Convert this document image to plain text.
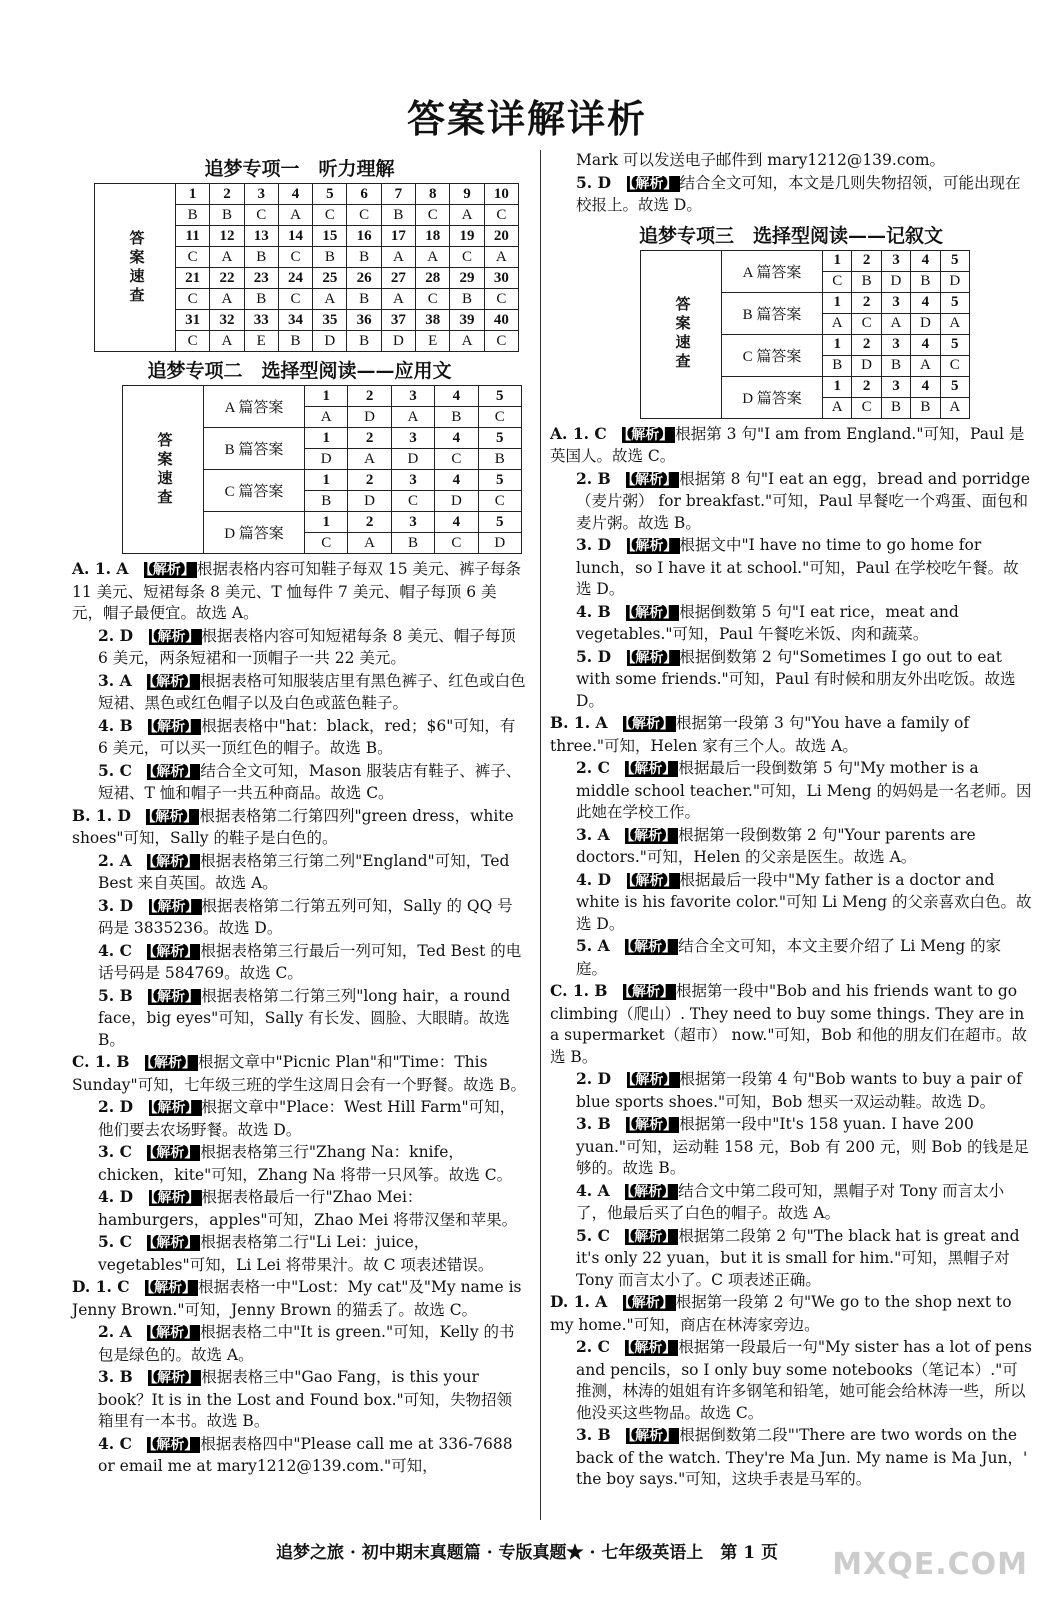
答案详解详析
追梦专项一　听力理解
答案速查	1	2	3	4	5	6	7	8	9	10
	B	B	C	A	C	C	B	C	A	C
	11	12	13	14	15	16	17	18	19	20
	C	A	B	C	B	B	A	A	C	A
	21	22	23	24	25	26	27	28	29	30
	C	A	B	C	A	B	A	C	B	C
	31	32	33	34	35	36	37	38	39	40
	C	A	E	B	D	B	D	E	A	C
追梦专项二　选择型阅读——应用文
答案速查	A 篇答案	1	2	3	4	5
		A	D	A	B	C
	B 篇答案	1	2	3	4	5
		D	A	D	C	B
	C 篇答案	1	2	3	4	5
		B	D	C	D	C
	D 篇答案	1	2	3	4	5
		C	A	B	C	D
A. 1. A　【解析】 根据表格内容可知鞋子每双 15 美元、裤子每条 11 美元、短裙每条 8 美元、T 恤每件 7 美元、帽子每顶 6 美元，帽子最便宜。故选 A。
2. D　【解析】 根据表格内容可知短裙每条 8 美元、帽子每顶 6 美元，两条短裙和一顶帽子一共 22 美元。
3. A　【解析】 根据表格可知服装店里有黑色裤子、红色或白色短裙、黑色或红色帽子以及白色或蓝色鞋子。
4. B　【解析】 根据表格中"hat：black，red；$6"可知，有 6 美元，可以买一顶红色的帽子。故选 B。
5. C　【解析】 结合全文可知，Mason 服装店有鞋子、裤子、短裙、T 恤和帽子一共五种商品。故选 C。
B. 1. D　【解析】 根据表格第二行第四列"green dress，white shoes"可知，Sally 的鞋子是白色的。
2. A　【解析】 根据表格第三行第二列"England"可知，Ted Best 来自英国。故选 A。
3. D　【解析】 根据表格第二行第五列可知，Sally 的 QQ 号码是 3835236。故选 D。
4. C　【解析】 根据表格第三行最后一列可知，Ted Best 的电话号码是 584769。故选 C。
5. B　【解析】 根据表格第二行第三列"long hair，a round face，big eyes"可知，Sally 有长发、圆脸、大眼睛。故选 B。
C. 1. B　【解析】 根据文章中"Picnic Plan"和"Time：This Sunday"可知，七年级三班的学生这周日会有一个野餐。故选 B。
2. D　【解析】 根据文章中"Place：West Hill Farm"可知，他们要去农场野餐。故选 D。
3. C　【解析】 根据表格第三行"Zhang Na：knife，chicken，kite"可知，Zhang Na 将带一只风筝。故选 C。
4. D　【解析】 根据表格最后一行"Zhao Mei：hamburgers，apples"可知，Zhao Mei 将带汉堡和苹果。
5. C　【解析】 根据表格第二行"Li Lei：juice，vegetables"可知，Li Lei 将带果汁。故 C 项表述错误。
D. 1. C　【解析】 根据表格一中"Lost：My cat"及"My name is Jenny Brown."可知，Jenny Brown 的猫丢了。故选 C。
2. A　【解析】 根据表格二中"It is green."可知，Kelly 的书包是绿色的。故选 A。
3. B　【解析】 根据表格三中"Gao Fang，is this your book？It is in the Lost and Found box."可知，失物招领箱里有一本书。故选 B。
4. C　【解析】 根据表格四中"Please call me at 336-7688 or email me at mary1212@139.com."可知，
Mark 可以发送电子邮件到 mary1212@139.com。
5. D　【解析】 结合全文可知，本文是几则失物招领，可能出现在校报上。故选 D。
追梦专项三　选择型阅读——记叙文
答案速查	A 篇答案	1	2	3	4	5
		C	B	D	B	D
	B 篇答案	1	2	3	4	5
		A	C	A	D	A
	C 篇答案	1	2	3	4	5
		B	D	B	A	C
	D 篇答案	1	2	3	4	5
		A	C	B	B	A
A. 1. C　【解析】 根据第 3 句"I am from England."可知，Paul 是英国人。故选 C。
2. B　【解析】 根据第 8 句"I eat an egg，bread and porridge（麦片粥） for breakfast."可知，Paul 早餐吃一个鸡蛋、面包和麦片粥。故选 B。
3. D　【解析】 根据文中"I have no time to go home for lunch，so I have it at school."可知，Paul 在学校吃午餐。故选 D。
4. B　【解析】 根据倒数第 5 句"I eat rice，meat and vegetables."可知，Paul 午餐吃米饭、肉和蔬菜。
5. D　【解析】 根据倒数第 2 句"Sometimes I go out to eat with some friends."可知，Paul 有时候和朋友外出吃饭。故选 D。
B. 1. A　【解析】 根据第一段第 3 句"You have a family of three."可知，Helen 家有三个人。故选 A。
2. C　【解析】 根据最后一段倒数第 5 句"My mother is a middle school teacher."可知，Li Meng 的妈妈是一名老师。因此她在学校工作。
3. A　【解析】 根据第一段倒数第 2 句"Your parents are doctors."可知，Helen 的父亲是医生。故选 A。
4. D　【解析】 根据最后一段中"My father is a doctor and white is his favorite color."可知 Li Meng 的父亲喜欢白色。故选 D。
5. A　【解析】 结合全文可知，本文主要介绍了 Li Meng 的家庭。
C. 1. B　【解析】 根据第一段中"Bob and his friends want to go climbing（爬山）. They need to buy some things. They are in a supermarket（超市） now."可知，Bob 和他的朋友们在超市。故选 B。
2. D　【解析】 根据第一段第 4 句"Bob wants to buy a pair of blue sports shoes."可知，Bob 想买一双运动鞋。故选 D。
3. B　【解析】 根据第一段中"It's 158 yuan. I have 200 yuan."可知，运动鞋 158 元，Bob 有 200 元，则 Bob 的钱是足够的。故选 B。
4. A　【解析】 结合文中第二段可知，黑帽子对 Tony 而言太小了，他最后买了白色的帽子。故选 A。
5. C　【解析】 根据第二段第 2 句"The black hat is great and it's only 22 yuan，but it is small for him."可知，黑帽子对 Tony 而言太小了。C 项表述正确。
D. 1. A　【解析】 根据第一段第 2 句"We go to the shop next to my home."可知，商店在林涛家旁边。
2. C　【解析】 根据第一段最后一句"My sister has a lot of pens and pencils，so I only buy some notebooks（笔记本）."可推测，林涛的姐姐有许多钢笔和铅笔，她可能会给林涛一些，所以他没买这些物品。故选 C。
3. B　【解析】 根据倒数第二段"'There are two words on the back of the watch. They're Ma Jun. My name is Ma Jun，' the boy says."可知，这块手表是马军的。
追梦之旅 · 初中期末真题篇 · 专版真题★ · 七年级英语上　第 1 页	MXQE.COM
